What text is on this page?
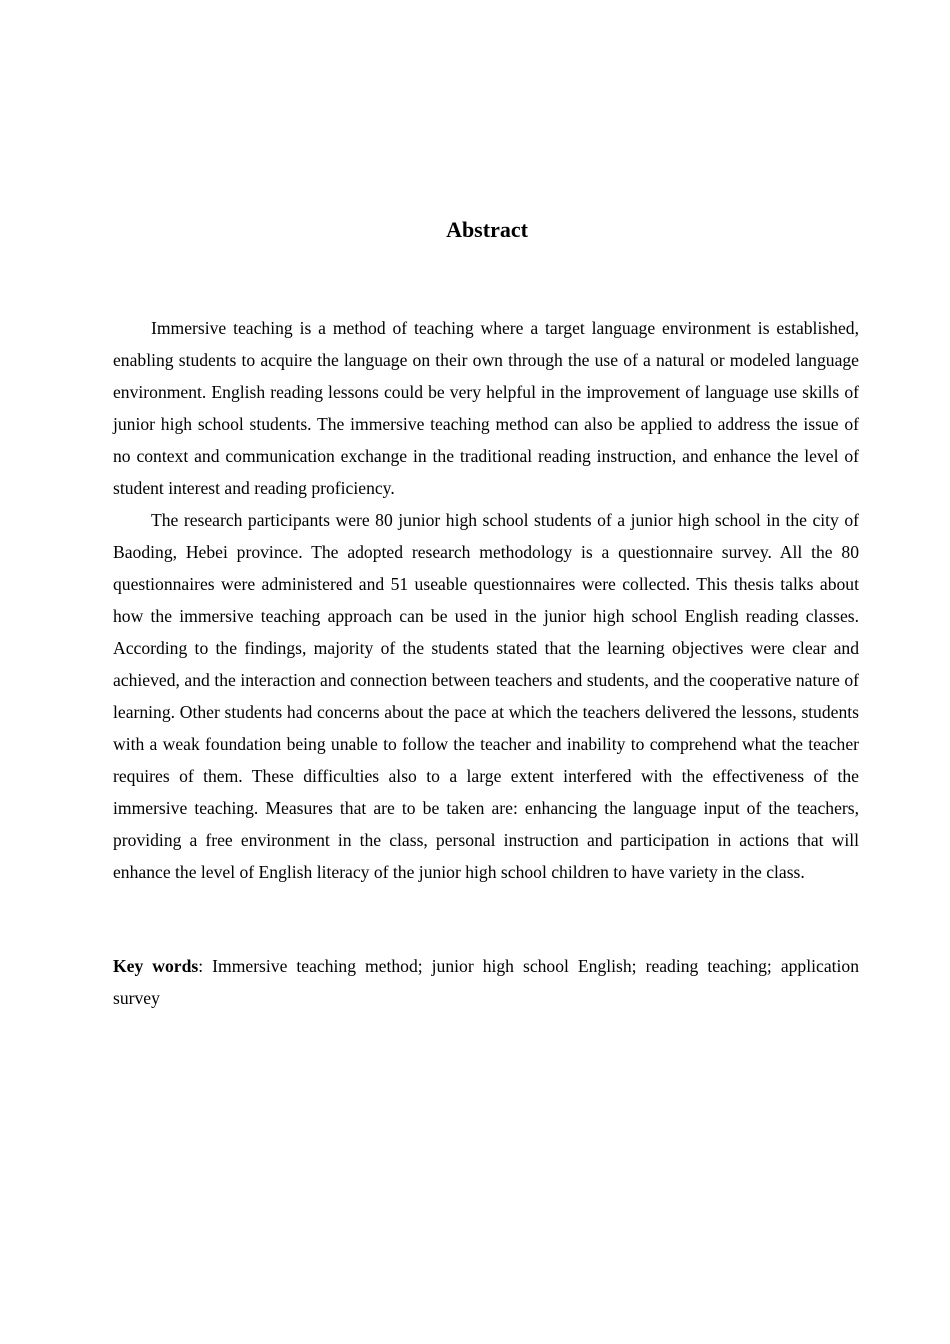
Abstract

Immersive teaching is a method of teaching where a target language environment is established, enabling students to acquire the language on their own through the use of a natural or modeled language environment. English reading lessons could be very helpful in the improvement of language use skills of junior high school students. The immersive teaching method can also be applied to address the issue of no context and communication exchange in the traditional reading instruction, and enhance the level of student interest and reading proficiency.

The research participants were 80 junior high school students of a junior high school in the city of Baoding, Hebei province. The adopted research methodology is a questionnaire survey. All the 80 questionnaires were administered and 51 useable questionnaires were collected. This thesis talks about how the immersive teaching approach can be used in the junior high school English reading classes. According to the findings, majority of the students stated that the learning objectives were clear and achieved, and the interaction and connection between teachers and students, and the cooperative nature of learning. Other students had concerns about the pace at which the teachers delivered the lessons, students with a weak foundation being unable to follow the teacher and inability to comprehend what the teacher requires of them. These difficulties also to a large extent interfered with the effectiveness of the immersive teaching. Measures that are to be taken are: enhancing the language input of the teachers, providing a free environment in the class, personal instruction and participation in actions that will enhance the level of English literacy of the junior high school children to have variety in the class.

Key words: Immersive teaching method; junior high school English; reading teaching; application survey
